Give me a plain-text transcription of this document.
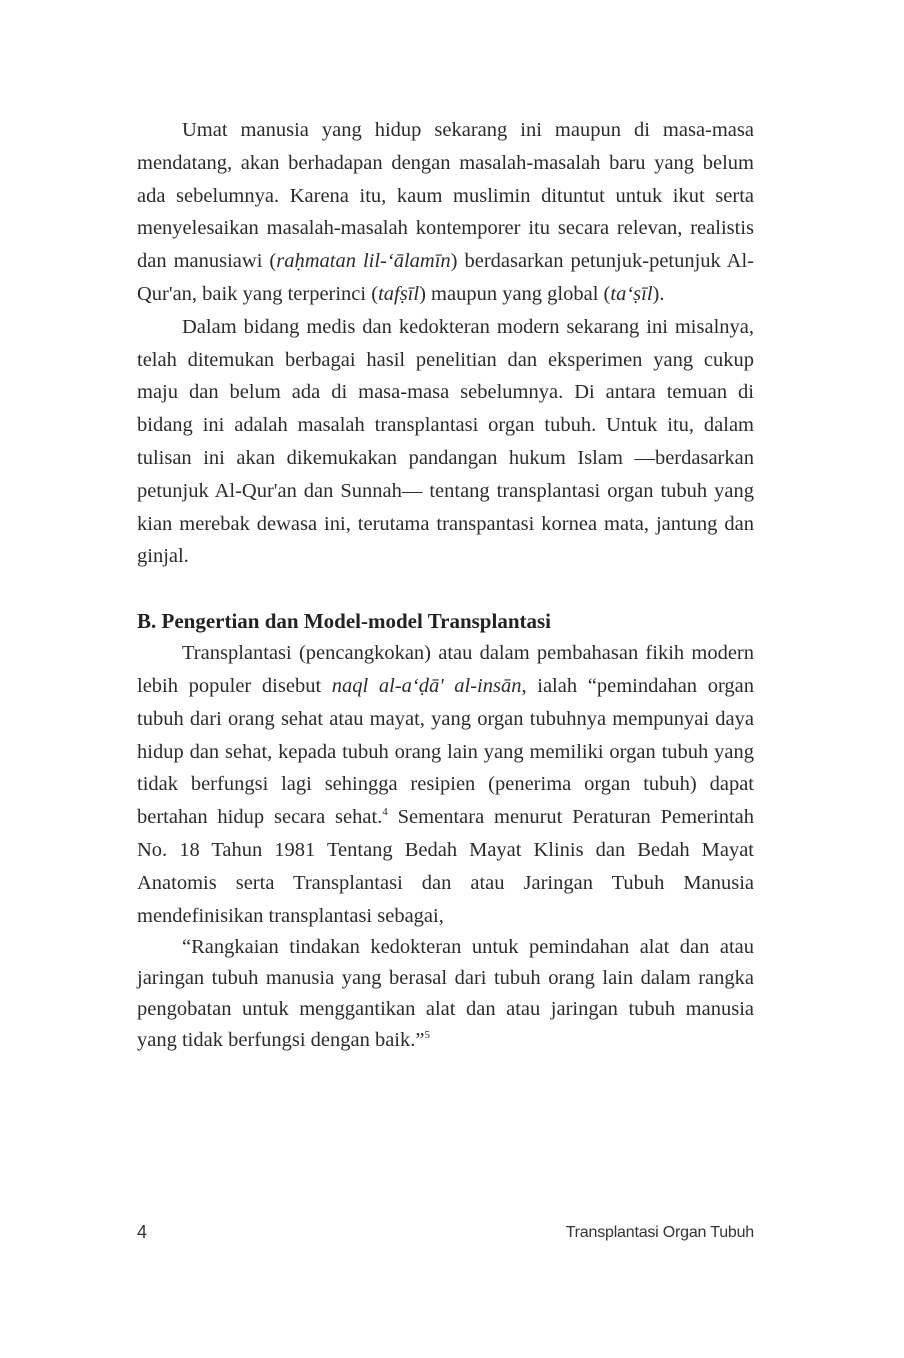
Umat manusia yang hidup sekarang ini maupun di masa-masa mendatang, akan berhadapan dengan masalah-masalah baru yang belum ada sebelumnya. Karena itu, kaum muslimin dituntut untuk ikut serta menyelesaikan masalah-masalah kontemporer itu secara relevan, realistis dan manusiawi (raḥmatan lil-‘ālamīn) berdasarkan petunjuk-petunjuk Al-Qur'an, baik yang terperinci (tafṣīl) maupun yang global (ta‘ṣīl).

Dalam bidang medis dan kedokteran modern sekarang ini misalnya, telah ditemukan berbagai hasil penelitian dan eksperimen yang cukup maju dan belum ada di masa-masa sebelumnya. Di antara temuan di bidang ini adalah masalah transplantasi organ tubuh. Untuk itu, dalam tulisan ini akan dikemukakan pandangan hukum Islam —berdasarkan petunjuk Al-Qur'an dan Sunnah— tentang transplantasi organ tubuh yang kian merebak dewasa ini, terutama transpantasi kornea mata, jantung dan ginjal.

B. Pengertian dan Model-model Transplantasi

Transplantasi (pencangkokan) atau dalam pembahasan fikih modern lebih populer disebut naql al-a‘ḍā' al-insān, ialah “pemindahan organ tubuh dari orang sehat atau mayat, yang organ tubuhnya mempunyai daya hidup dan sehat, kepada tubuh orang lain yang memiliki organ tubuh yang tidak berfungsi lagi sehingga resipien (penerima organ tubuh) dapat bertahan hidup secara sehat.$^4$ Sementara menurut Peraturan Pemerintah No. 18 Tahun 1981 Tentang Bedah Mayat Klinis dan Bedah Mayat Anatomis serta Transplantasi dan atau Jaringan Tubuh Manusia mendefinisikan transplantasi sebagai,

“Rangkaian tindakan kedokteran untuk pemindahan alat dan atau jaringan tubuh manusia yang berasal dari tubuh orang lain dalam rangka pengobatan untuk menggantikan alat dan atau jaringan tubuh manusia yang tidak berfungsi dengan baik.”$^5$

4	Transplantasi Organ Tubuh
